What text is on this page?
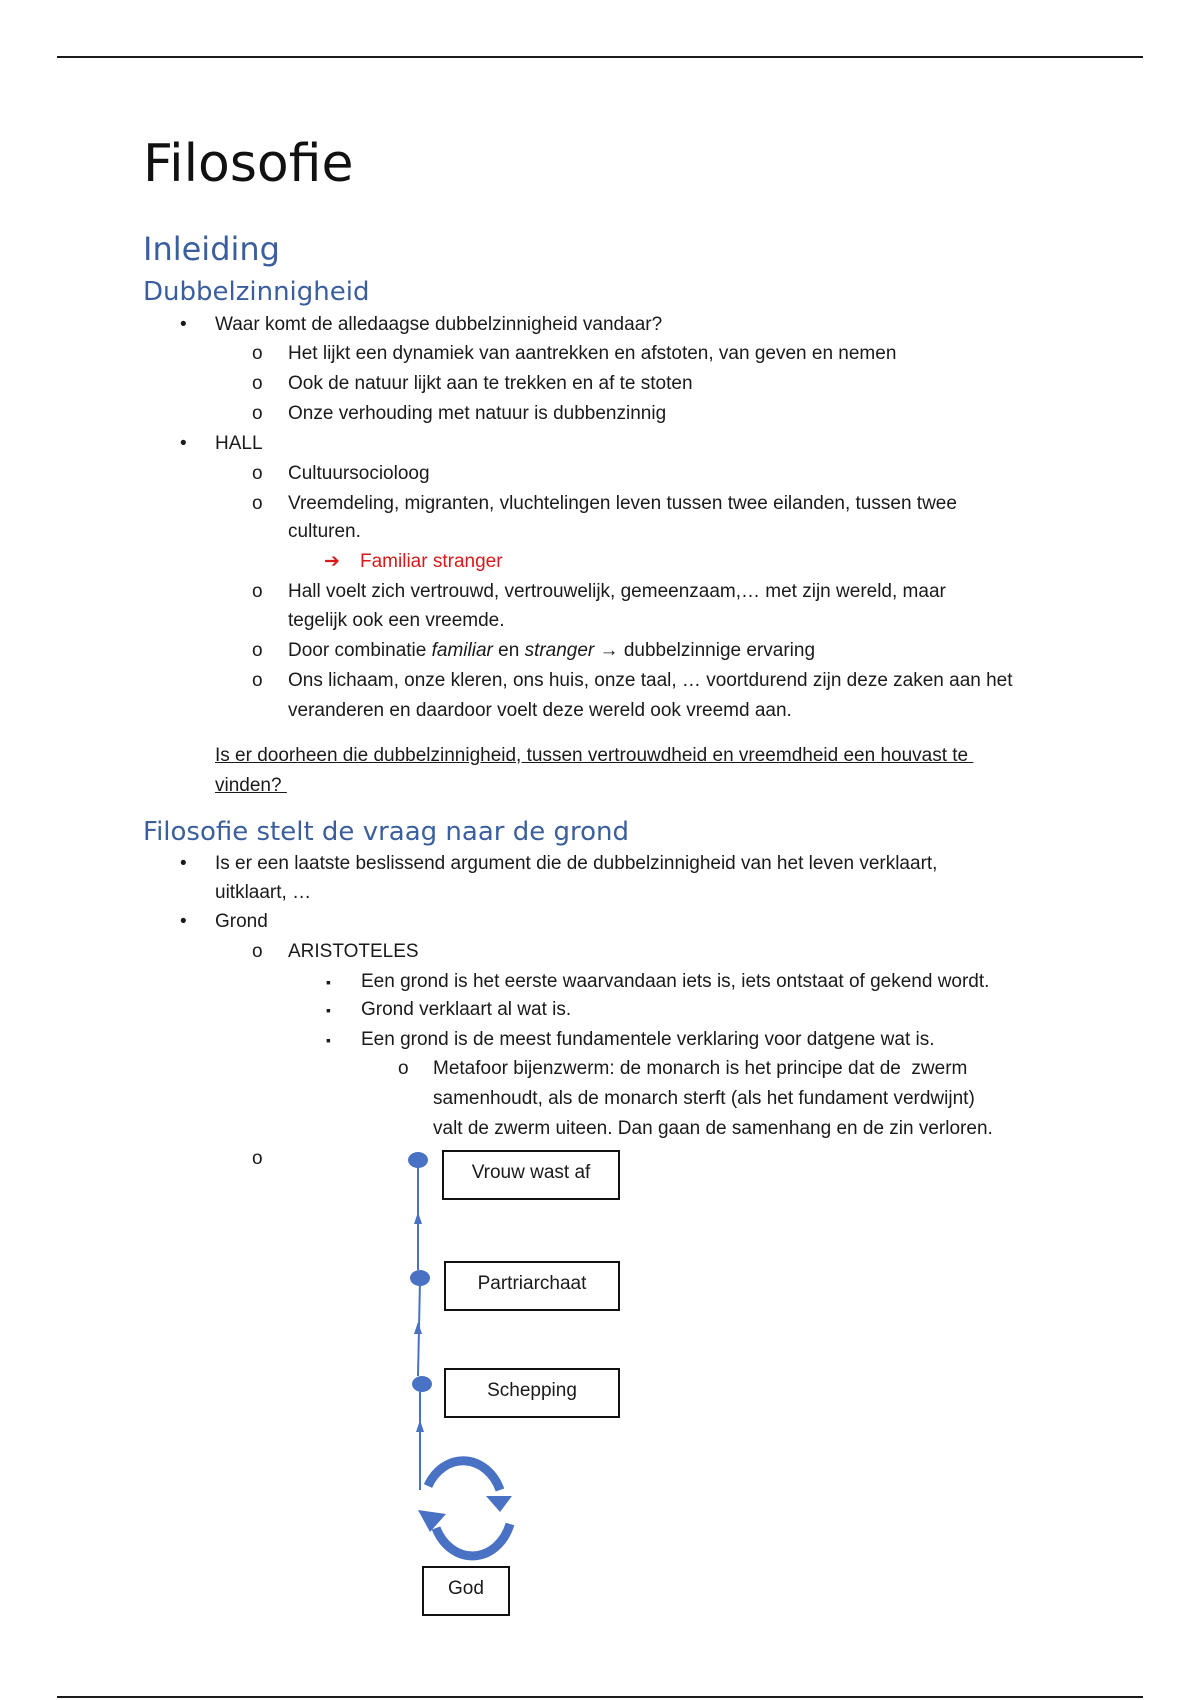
Filosofie
Inleiding
Dubbelzinnigheid
• Waar komt de alledaagse dubbelzinnigheid vandaar?
o Het lijkt een dynamiek van aantrekken en afstoten, van geven en nemen
o Ook de natuur lijkt aan te trekken en af te stoten
o Onze verhouding met natuur is dubbenzinnig
• HALL
o Cultuursocioloog
o Vreemdeling, migranten, vluchtelingen leven tussen twee eilanden, tussen twee
culturen.
➔ Familiar stranger
o Hall voelt zich vertrouwd, vertrouwelijk, gemeenzaam,… met zijn wereld, maar
tegelijk ook een vreemde.
o Door combinatie familiar en stranger → dubbelzinnige ervaring
o Ons lichaam, onze kleren, ons huis, onze taal, … voortdurend zijn deze zaken aan het
veranderen en daardoor voelt deze wereld ook vreemd aan.
Is er doorheen die dubbelzinnigheid, tussen vertrouwdheid en vreemdheid een houvast te
vinden?
Filosofie stelt de vraag naar de grond
• Is er een laatste beslissend argument die de dubbelzinnigheid van het leven verklaart,
uitklaart, …
• Grond
o ARISTOTELES
▪ Een grond is het eerste waarvandaan iets is, iets ontstaat of gekend wordt.
▪ Grond verklaart al wat is.
▪ Een grond is de meest fundamentele verklaring voor datgene wat is.
o Metafoor bijenzwerm: de monarch is het principe dat de  zwerm
samenhoudt, als de monarch sterft (als het fundament verdwijnt)
valt de zwerm uiteen. Dan gaan de samenhang en de zin verloren.
o
Vrouw wast af
Partriarchaat
Schepping
God
